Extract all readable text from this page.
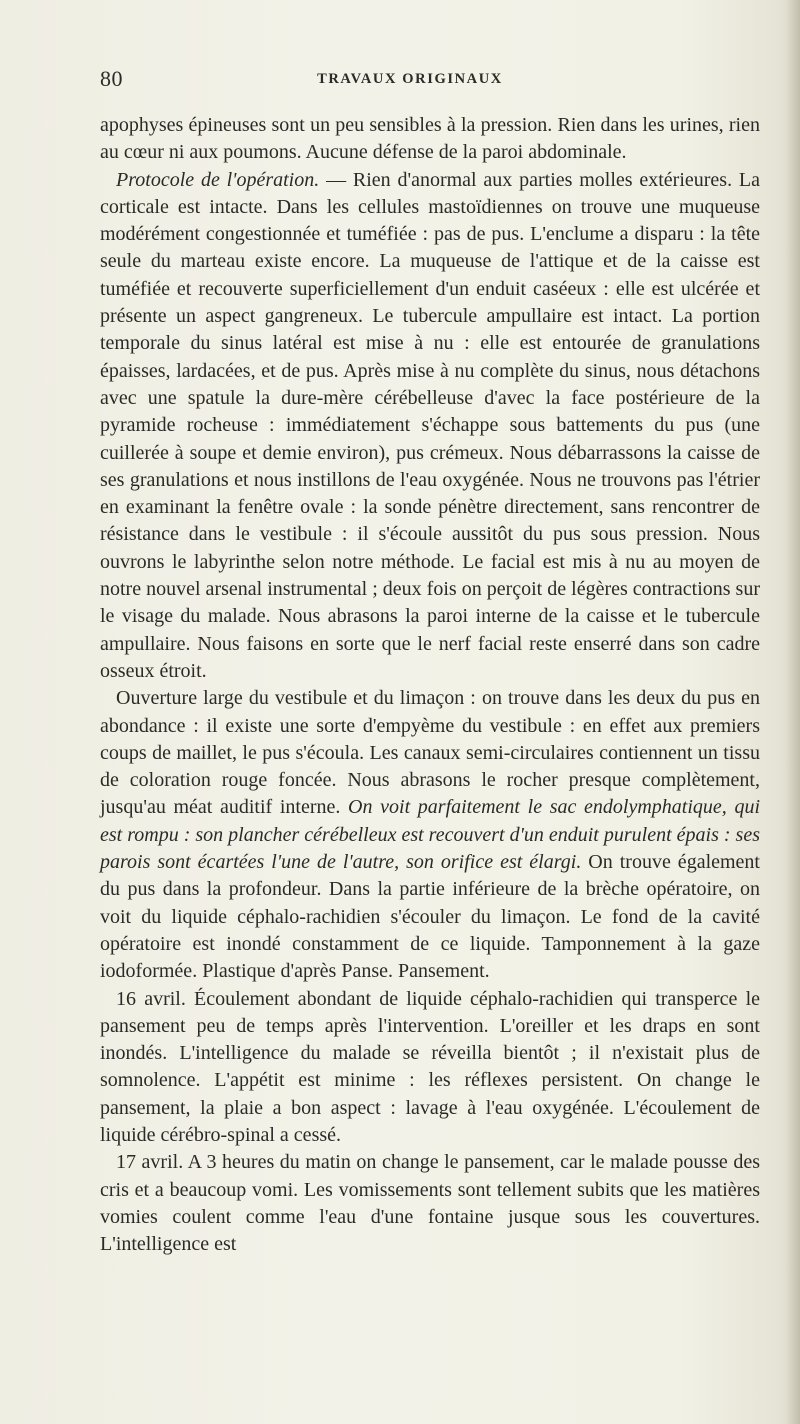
80	TRAVAUX ORIGINAUX

apophyses épineuses sont un peu sensibles à la pression. Rien dans les urines, rien au cœur ni aux poumons. Aucune défense de la paroi abdominale.

Protocole de l'opération. — Rien d'anormal aux parties molles extérieures. La corticale est intacte. Dans les cellules mastoïdiennes on trouve une muqueuse modérément congestionnée et tuméfiée : pas de pus. L'enclume a disparu : la tête seule du marteau existe encore. La muqueuse de l'attique et de la caisse est tuméfiée et recouverte superficiellement d'un enduit caséeux : elle est ulcérée et présente un aspect gangreneux. Le tubercule ampullaire est intact. La portion temporale du sinus latéral est mise à nu : elle est entourée de granulations épaisses, lardacées, et de pus. Après mise à nu complète du sinus, nous détachons avec une spatule la dure-mère cérébelleuse d'avec la face postérieure de la pyramide rocheuse : immédiatement s'échappe sous battements du pus (une cuillerée à soupe et demie environ), pus crémeux. Nous débarrassons la caisse de ses granulations et nous instillons de l'eau oxygénée. Nous ne trouvons pas l'étrier en examinant la fenêtre ovale : la sonde pénètre directement, sans rencontrer de résistance dans le vestibule : il s'écoule aussitôt du pus sous pression. Nous ouvrons le labyrinthe selon notre méthode. Le facial est mis à nu au moyen de notre nouvel arsenal instrumental ; deux fois on perçoit de légères contractions sur le visage du malade. Nous abrasons la paroi interne de la caisse et le tubercule ampullaire. Nous faisons en sorte que le nerf facial reste enserré dans son cadre osseux étroit.

Ouverture large du vestibule et du limaçon : on trouve dans les deux du pus en abondance : il existe une sorte d'empyème du vestibule : en effet aux premiers coups de maillet, le pus s'écoula. Les canaux semi-circulaires contiennent un tissu de coloration rouge foncée. Nous abrasons le rocher presque complètement, jusqu'au méat auditif interne. On voit parfaitement le sac endolymphatique, qui est rompu : son plancher cérébelleux est recouvert d'un enduit purulent épais : ses parois sont écartées l'une de l'autre, son orifice est élargi. On trouve également du pus dans la profondeur. Dans la partie inférieure de la brèche opératoire, on voit du liquide céphalo-rachidien s'écouler du limaçon. Le fond de la cavité opératoire est inondé constamment de ce liquide. Tamponnement à la gaze iodoformée. Plastique d'après Panse. Pansement.

16 avril. Écoulement abondant de liquide céphalo-rachidien qui transperce le pansement peu de temps après l'intervention. L'oreiller et les draps en sont inondés. L'intelligence du malade se réveilla bientôt ; il n'existait plus de somnolence. L'appétit est minime : les réflexes persistent. On change le pansement, la plaie a bon aspect : lavage à l'eau oxygénée. L'écoulement de liquide cérébro-spinal a cessé.

17 avril. A 3 heures du matin on change le pansement, car le malade pousse des cris et a beaucoup vomi. Les vomissements sont tellement subits que les matières vomies coulent comme l'eau d'une fontaine jusque sous les couvertures. L'intelligence est
